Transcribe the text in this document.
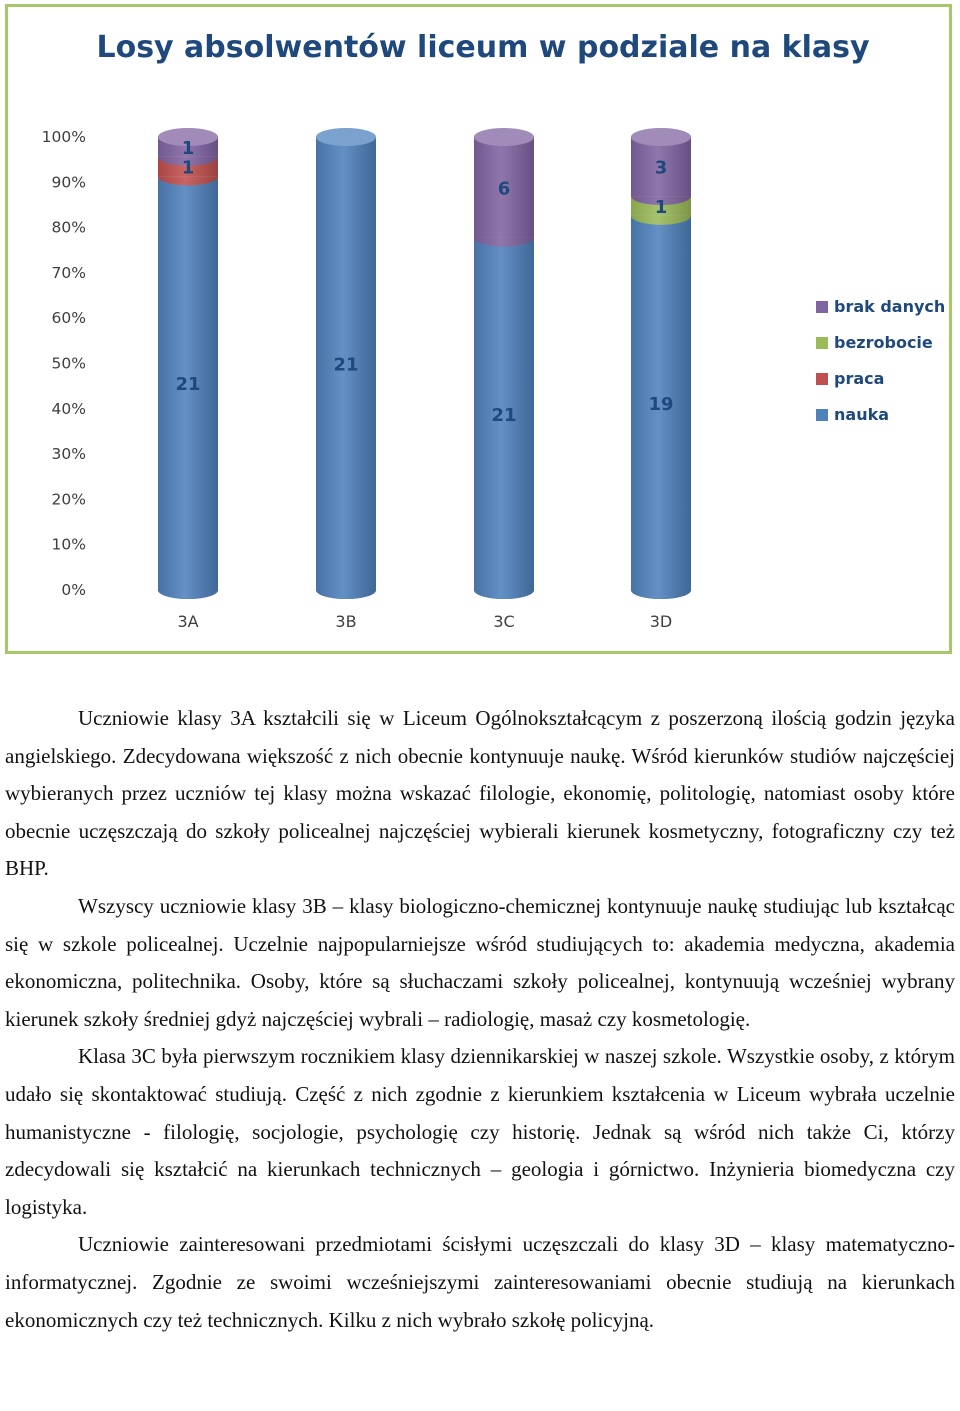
Losy absolwentów liceum w podziale na klasy
0%
10%
20%
30%
40%
50%
60%
70%
80%
90%
100%
21
1
1
21
21
6
19
1
3
3A	3B	3C	3D
brak danych
bezrobocie
praca
nauka

Uczniowie klasy 3A kształcili się w Liceum Ogólnokształcącym z poszerzoną ilością godzin języka angielskiego. Zdecydowana większość z nich obecnie kontynuuje naukę. Wśród kierunków studiów najczęściej wybieranych przez uczniów tej klasy można wskazać filologie, ekonomię, politologię, natomiast osoby które obecnie uczęszczają do szkoły policealnej najczęściej wybierali kierunek kosmetyczny, fotograficzny czy też BHP.

Wszyscy uczniowie klasy 3B – klasy biologiczno-chemicznej kontynuuje naukę studiując lub kształcąc się w szkole policealnej. Uczelnie najpopularniejsze wśród studiujących to: akademia medyczna, akademia ekonomiczna, politechnika. Osoby, które są słuchaczami szkoły policealnej, kontynuują wcześniej wybrany kierunek szkoły średniej gdyż najczęściej wybrali – radiologię, masaż czy kosmetologię.

Klasa 3C była pierwszym rocznikiem klasy dziennikarskiej w naszej szkole. Wszystkie osoby, z którym udało się skontaktować studiują. Część z nich zgodnie z kierunkiem kształcenia w Liceum wybrała uczelnie humanistyczne - filologię, socjologie, psychologię czy historię. Jednak są wśród nich także Ci, którzy zdecydowali się kształcić na kierunkach technicznych – geologia i górnictwo. Inżynieria biomedyczna czy logistyka.

Uczniowie zainteresowani przedmiotami ścisłymi uczęszczali do klasy 3D – klasy matematyczno-informatycznej. Zgodnie ze swoimi wcześniejszymi zainteresowaniami obecnie studiują na kierunkach ekonomicznych czy też technicznych. Kilku z nich wybrało szkołę policyjną.
